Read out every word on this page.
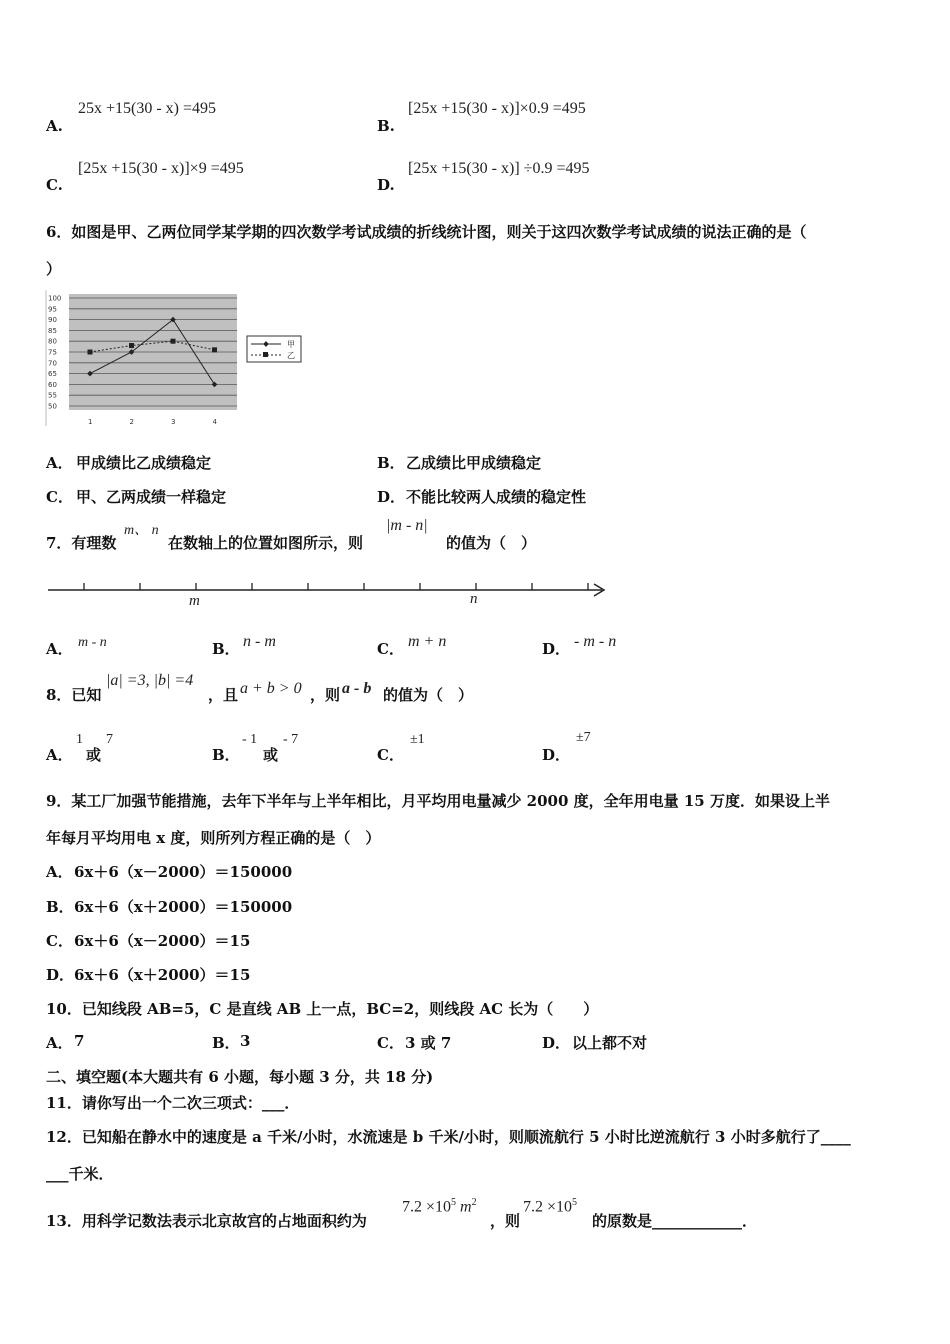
A.
25x +15(30 - x) =495
B.
[25x +15(30 - x)]×0.9 =495
C.
[25x +15(30 - x)]×9 =495
D.
[25x +15(30 - x)] ÷0.9 =495
6．如图是甲、乙两位同学某学期的四次数学考试成绩的折线统计图，则关于这四次数学考试成绩的说法正确的是（
）
100
95
90
85
80
75
70
65
60
55
50
1	2	3	4
甲
乙
A． 甲成绩比乙成绩稳定	B． 乙成绩比甲成绩稳定
C． 甲、乙两成绩一样稳定	D． 不能比较两人成绩的稳定性
7．有理数
m、 n
在数轴上的位置如图所示，则
|m - n|
的值为（　）
m	n
A． m - n	B． n - m	C． m + n	D． - m - n
8．已知
|a| =3, |b| =4
，且 a + b > 0 ，则 a - b 的值为（　）
A．
1
或
7
B．
- 1
或
- 7
C．
±1
D．
±7
9．某工厂加强节能措施，去年下半年与上半年相比，月平均用电量减少 2000 度，全年用电量 15 万度．如果设上半
年每月平均用电 x 度，则所列方程正确的是（　）
A． 6x＋6（x－2000）＝150000
B． 6x＋6（x＋2000）＝150000
C． 6x＋6（x－2000）＝15
D． 6x＋6（x＋2000）＝15
10．已知线段 AB=5，C 是直线 AB 上一点，BC=2，则线段 AC 长为（　　）
A． 7	B． 3	C． 3 或 7	D． 以上都不对
二、填空题(本大题共有 6 小题，每小题 3 分，共 18 分)
11．请你写出一个二次三项式：___．
12．已知船在静水中的速度是 a 千米/小时，水流速是 b 千米/小时，则顺流航行 5 小时比逆流航行 3 小时多航行了____
___千米．
13．用科学记数法表示北京故宫的占地面积约为
$7.2 \times 10^5$ $m^2$
，则
$7.2 \times 10^5$
的原数是____________．
